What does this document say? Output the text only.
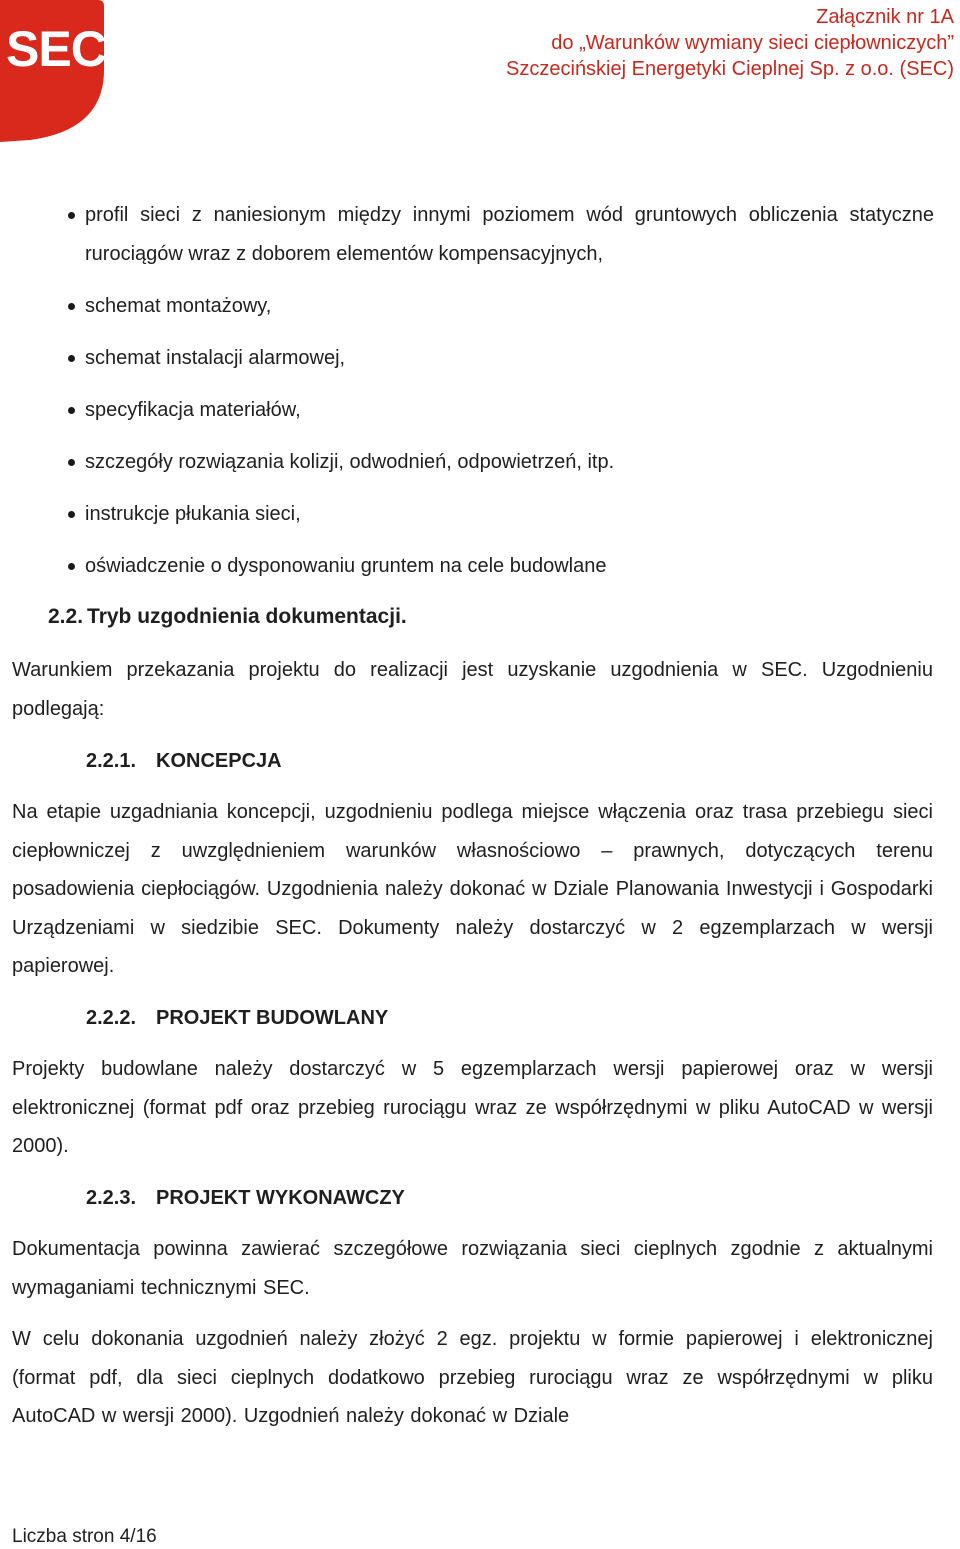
SEC
Załącznik nr 1A
do „Warunków wymiany sieci ciepłowniczych”
Szczecińskiej Energetyki Cieplnej Sp. z o.o. (SEC)
profil sieci z naniesionym między innymi poziomem wód gruntowych obliczenia statyczne rurociągów wraz z doborem elementów kompensacyjnych,
schemat montażowy,
schemat instalacji alarmowej,
specyfikacja materiałów,
szczegóły rozwiązania kolizji, odwodnień, odpowietrzeń, itp.
instrukcje płukania sieci,
oświadczenie o dysponowaniu gruntem na cele budowlane
2.2. Tryb uzgodnienia dokumentacji.
Warunkiem przekazania projektu do realizacji jest uzyskanie uzgodnienia w SEC. Uzgodnieniu podlegają:
2.2.1. KONCEPCJA
Na etapie uzgadniania koncepcji, uzgodnieniu podlega miejsce włączenia oraz trasa przebiegu sieci ciepłowniczej z uwzględnieniem warunków własnościowo – prawnych, dotyczących terenu posadowienia ciepłociągów. Uzgodnienia należy dokonać w Dziale Planowania Inwestycji i Gospodarki Urządzeniami w siedzibie SEC. Dokumenty należy dostarczyć w 2 egzemplarzach w wersji papierowej.
2.2.2. PROJEKT BUDOWLANY
Projekty budowlane należy dostarczyć w 5 egzemplarzach wersji papierowej oraz w wersji elektronicznej (format pdf oraz przebieg rurociągu wraz ze współrzędnymi w pliku AutoCAD w wersji 2000).
2.2.3. PROJEKT WYKONAWCZY
Dokumentacja powinna zawierać szczegółowe rozwiązania sieci cieplnych zgodnie z aktualnymi wymaganiami technicznymi SEC.
W celu dokonania uzgodnień należy złożyć 2 egz. projektu w formie papierowej i elektronicznej (format pdf, dla sieci cieplnych dodatkowo przebieg rurociągu wraz ze współrzędnymi w pliku AutoCAD w wersji 2000). Uzgodnień należy dokonać w Dziale
Liczba stron 4/16
